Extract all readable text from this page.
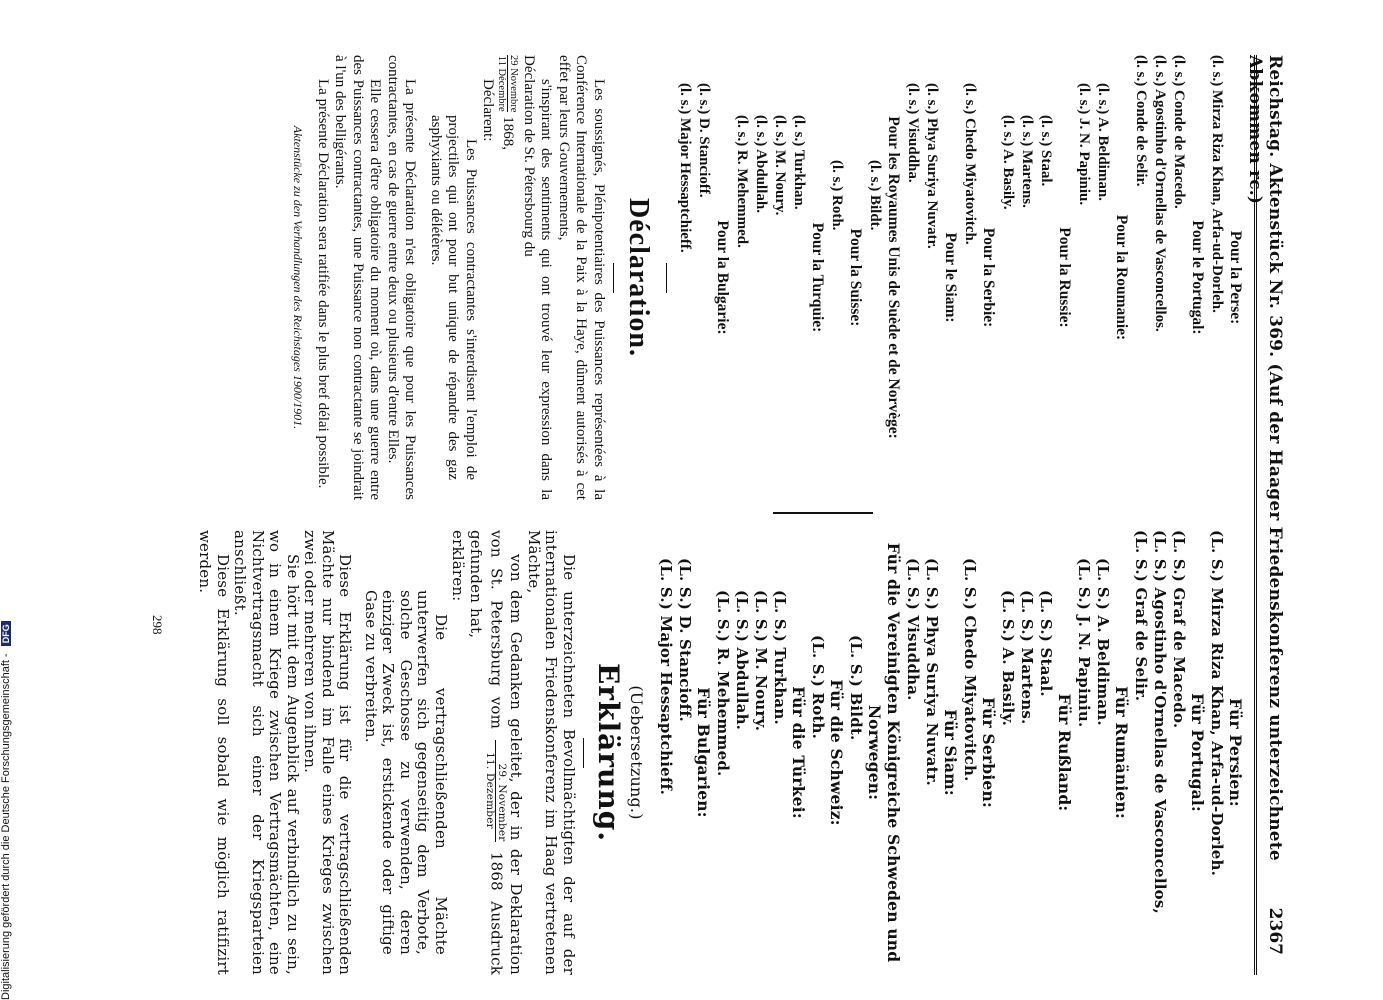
Reichstag. Aktenstück Nr. 369. (Auf der Haager Friedenskonferenz unterzeichnete Abkommen rc.)
2367
Pour la Perse:
(l. s.) Mirza Riza Khan, Arfa-ud-Dorleh.
Pour le Portugal:
(l. s.) Conde de Macedo.
(l. s.) Agostinho d'Ornellas de Vasconcellos.
(l. s.) Conde de Selir.
Pour la Roumanie:
(l. s.) A. Beldiman.
(l. s.) J. N. Papiniu.
Pour la Russie:
(l. s.) Staal.
(l. s.) Martens.
(l. s.) A. Basily.
Pour la Serbie:
(l. s.) Chedo Miyatovitch.
Pour le Siam:
(l. s.) Phya Suriya Nuvatr.
(l. s.) Visuddha.
Pour les Royaumes Unis de Suède et de Norvège:
(l. s.) Bildt.
Pour la Suisse:
(l. s.) Roth.
Pour la Turquie:
(l. s.) Turkhan.
(l. s.) M. Noury.
(l. s.) Abdullah.
(l. s.) R. Mehemmed.
Pour la Bulgarie:
(l. s.) D. Stancioff.
(l. s.) Major Hessaptchieff.
Déclaration.

Les soussignés, Plénipotentiaires des Puissances représentées à la Conférence Internationale de la Paix à la Haye, dûment autorisés à cet effet par leurs Gouvernements,

s'inspirant des sentiments qui ont trouvé leur expression dans la Déclaration de St. Pétersbourg du

29 Novembre
11 Décembre 1868,
Déclarent:

Les Puissances contractantes s'interdisent l'emploi de projectiles qui ont pour but unique de répandre des gaz asphyxiants ou délétères.

La présente Déclaration n'est obligatoire que pour les Puissances contractantes, en cas de guerre entre deux ou plusieurs d'entre Elles.

Elle cessera d'être obligatoire du moment où, dans une guerre entre des Puissances contractantes, une Puissance non contractante se joindrait à l'un des belligérants.

La présente Déclaration sera ratifiée dans le plus bref délai possible.

Aktenstücke zu den Verhandlungen des Reichstages 1900/1901.
Für Persien:
(L. S.) Mirza Riza Khan, Arfa-ud-Dorleh.
Für Portugal:
(L. S.) Graf de Macedo.
(L. S.) Agostinho d'Ornellas de Vasconcellos,
(L. S.) Graf de Selir.
Für Rumänien:
(L. S.) A. Beldiman.
(L. S.) J. N. Papiniu.
Für Rußland:
(L. S.) Staal.
(L. S.) Martens.
(L. S.) A. Basily.
Für Serbien:
(L. S.) Chedo Miyatovitch.
Für Siam:
(L. S.) Phya Suriya Nuvatr.
(L. S.) Visuddha.
Für die Vereinigten Königreiche Schweden und Norwegen:
(L. S.) Bildt.
Für die Schweiz:
(L. S.) Roth.
Für die Türkei:
(L. S.) Turkhan.
(L. S.) M. Noury.
(L. S.) Abdullah.
(L. S.) R. Mehemmed.
Für Bulgarien:
(L. S.) D. Stancioff.
(L. S.) Major Hessaptchieff.
(Uebersetzung.)
Erklärung.

Die unterzeichneten Bevollmächtigten der auf der internationalen Friedenskonferenz im Haag vertretenen Mächte,

von dem Gedanken geleitet, der in der Deklaration von St. Petersburg vom
29. November
11. Dezember 1868 Ausdruck gefunden hat,

erklären:

Die vertragschließenden Mächte unterwerfen sich gegenseitig dem Verbote, solche Geschosse zu verwenden, deren einziger Zweck ist, erstickende oder giftige Gase zu verbreiten.

Diese Erklärung ist für die vertragschließenden Mächte nur bindend im Falle eines Krieges zwischen zwei oder mehreren von ihnen.

Sie hört mit dem Augenblick auf verbindlich zu sein, wo in einem Kriege zwischen Vertragsmächten, eine Nichtvertragsmacht sich einer der Kriegsparteien anschließt.

Diese Erklärung soll sobald wie möglich ratifizirt werden.

298
Digitalisierung gefördert durch die Deutsche Forschungsgemeinschaft - DFG
